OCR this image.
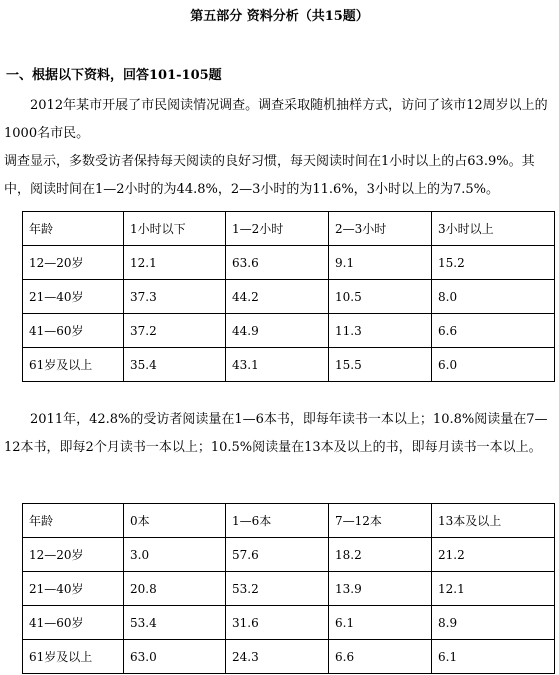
第五部分 资料分析（共15题）
一、根据以下资料，回答101-105题
2012年某市开展了市民阅读情况调查。调查采取随机抽样方式，访问了该市12周岁以上的1000名市民。
调查显示，多数受访者保持每天阅读的良好习惯，每天阅读时间在1小时以上的占63.9%。其中，阅读时间在1—2小时的为44.8%，2—3小时的为11.6%，3小时以上的为7.5%。
年龄	1小时以下	1—2小时	2—3小时	3小时以上
12—20岁	12.1	63.6	9.1	15.2
21—40岁	37.3	44.2	10.5	8.0
41—60岁	37.2	44.9	11.3	6.6
61岁及以上	35.4	43.1	15.5	6.0
2011年，42.8%的受访者阅读量在1—6本书，即每年读书一本以上；10.8%阅读量在7—12本书，即每2个月读书一本以上；10.5%阅读量在13本及以上的书，即每月读书一本以上。
年龄	0本	1—6本	7—12本	13本及以上
12—20岁	3.0	57.6	18.2	21.2
21—40岁	20.8	53.2	13.9	12.1
41—60岁	53.4	31.6	6.1	8.9
61岁及以上	63.0	24.3	6.6	6.1
